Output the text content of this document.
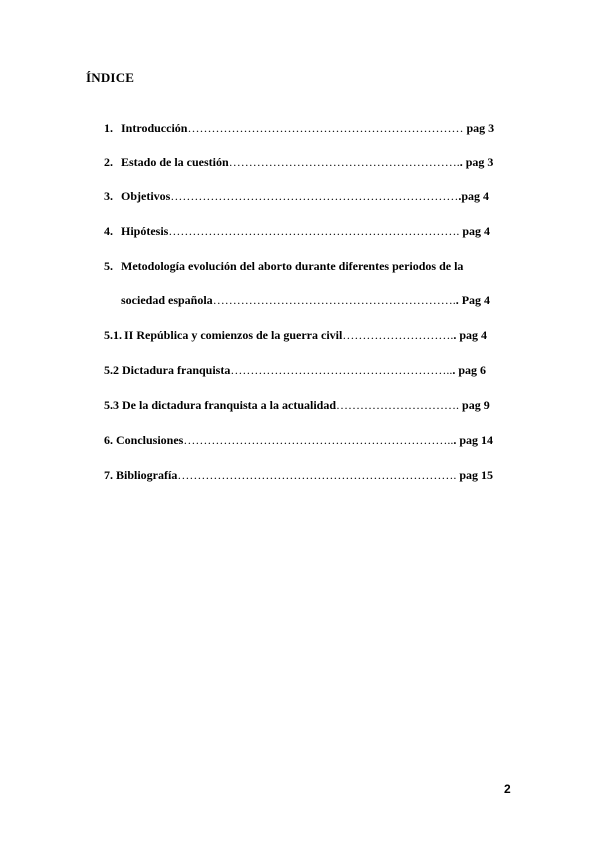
ÍNDICE
1. Introducción…………………………………………………………… pag 3
2. Estado de la cuestión………………………………………………….. pag 3
3. Objetivos……………………………………………………………….pag 4
4. Hipótesis………………………………………………………………. pag 4
5. Metodología evolución del aborto durante diferentes periodos de la
sociedad española…………………………………………………….. Pag 4
5.1. II República y comienzos de la guerra civil……………………….. pag 4
5.2 Dictadura franquista………………………………………………... pag 6
5.3 De la dictadura franquista a la actualidad…………………………. pag 9
6. Conclusiones…………………………………………………………... pag 14
7. Bibliografía……………………………………………………………. pag 15
2
